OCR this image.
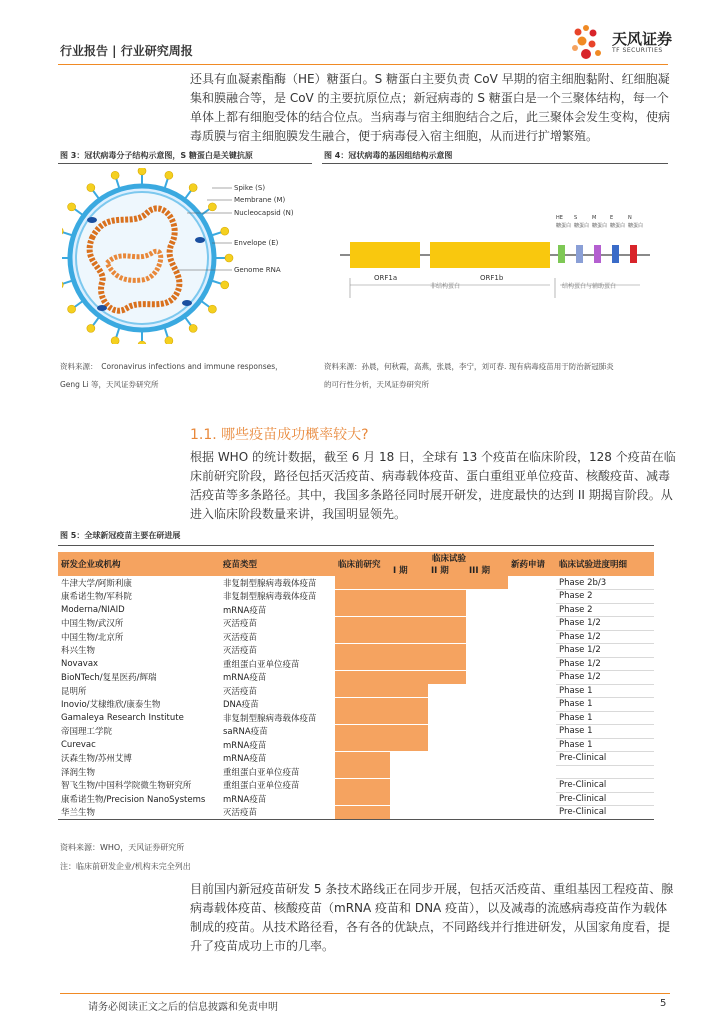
行业报告 | 行业研究周报
天风证券
TF SECURITIES
还具有血凝素酯酶（HE）糖蛋白。S 糖蛋白主要负责 CoV 早期的宿主细胞黏附、红细胞凝集和膜融合等，是 CoV 的主要抗原位点；新冠病毒的 S 糖蛋白是一个三聚体结构，每一个单体上都有细胞受体的结合位点。当病毒与宿主细胞结合之后，此三聚体会发生变构，使病毒质膜与宿主细胞膜发生融合，便于病毒侵入宿主细胞，从而进行扩增繁殖。
图 3：冠状病毒分子结构示意图，S 糖蛋白是关键抗原	图 4：冠状病毒的基因组结构示意图
Spike (S)
Membrane (M)
Nucleocapsid (N)
Envelope (E)
Genome RNA
ORF1a	ORF1b
HE
糖蛋白
S
糖蛋白
M
糖蛋白
E
糖蛋白
N
糖蛋白
非结构蛋白	结构蛋白与辅助蛋白
资料来源：　Coronavirus infections and immune responses，
Geng Li 等，天风证券研究所
资料来源：孙晨，何秋霞，高燕，张晨，李宁，刘可春. 现有病毒疫苗用于防治新冠肺炎
的可行性分析，天风证券研究所
1.1. 哪些疫苗成功概率较大?
根据 WHO 的统计数据，截至 6 月 18 日，全球有 13 个疫苗在临床阶段，128 个疫苗在临床前研究阶段，路径包括灭活疫苗、病毒载体疫苗、蛋白重组亚单位疫苗、核酸疫苗、减毒活疫苗等多条路径。其中，我国多条路径同时展开研发，进度最快的达到 II 期揭盲阶段。从进入临床阶段数量来讲，我国明显领先。
图 5：全球新冠疫苗主要在研进展
研发企业或机构	疫苗类型	临床前研究	临床试验			新药申请	临床试验进度明细
			I 期	II 期	III 期		
牛津大学/阿斯利康	非复制型腺病毒载体疫苗						Phase 2b/3
康希诺生物/军科院	非复制型腺病毒载体疫苗						Phase 2
Moderna/NIAID	mRNA疫苗						Phase 2
中国生物/武汉所	灭活疫苗						Phase 1/2
中国生物/北京所	灭活疫苗						Phase 1/2
科兴生物	灭活疫苗						Phase 1/2
Novavax	重组蛋白亚单位疫苗						Phase 1/2
BioNTech/复星医药/辉瑞	mRNA疫苗						Phase 1/2
昆明所	灭活疫苗						Phase 1
Inovio/艾棣维欣/康泰生物	DNA疫苗						Phase 1
Gamaleya Research Institute	非复制型腺病毒载体疫苗						Phase 1
帝国理工学院	saRNA疫苗						Phase 1
Curevac	mRNA疫苗						Phase 1
沃森生物/苏州艾博	mRNA疫苗						Pre-Clinical
泽润生物	重组蛋白亚单位疫苗	

智飞生物/中国科学院微生物研究所	重组蛋白亚单位疫苗						Pre-Clinical
康希诺生物/Precision NanoSystems	mRNA疫苗						Pre-Clinical
华兰生物	灭活疫苗						Pre-Clinical
资料来源：WHO，天风证券研究所
注：临床前研发企业/机构未完全列出
目前国内新冠疫苗研发 5 条技术路线正在同步开展，包括灭活疫苗、重组基因工程疫苗、腺病毒载体疫苗、核酸疫苗（mRNA 疫苗和 DNA 疫苗），以及减毒的流感病毒疫苗作为载体制成的疫苗。从技术路径看，各有各的优缺点，不同路线并行推进研发，从国家角度看，提升了疫苗成功上市的几率。
请务必阅读正文之后的信息披露和免责申明	5
